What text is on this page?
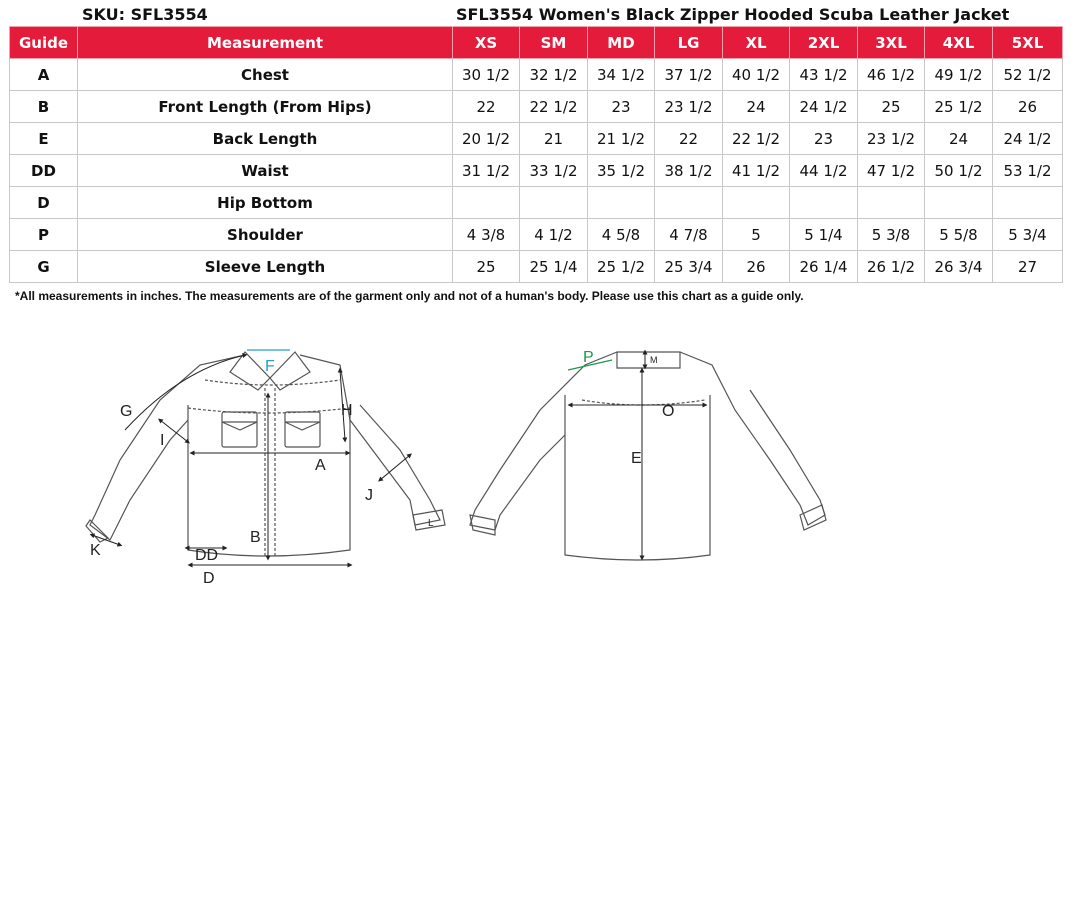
SKU: SFL3554	SFL3554 Women's Black Zipper Hooded Scuba Leather Jacket
Guide	Measurement	XS	SM	MD	LG	XL	2XL	3XL	4XL	5XL
A	Chest	30 1/2	32 1/2	34 1/2	37 1/2	40 1/2	43 1/2	46 1/2	49 1/2	52 1/2
B	Front Length (From Hips)	22	22 1/2	23	23 1/2	24	24 1/2	25	25 1/2	26
E	Back Length	20 1/2	21	21 1/2	22	22 1/2	23	23 1/2	24	24 1/2
DD	Waist	31 1/2	33 1/2	35 1/2	38 1/2	41 1/2	44 1/2	47 1/2	50 1/2	53 1/2
D	Hip Bottom									
P	Shoulder	4 3/8	4 1/2	4 5/8	4 7/8	5	5 1/4	5 3/8	5 5/8	5 3/4
G	Sleeve Length	25	25 1/4	25 1/2	25 3/4	26	26 1/4	26 1/2	26 3/4	27
*All measurements in inches. The measurements are of the garment only and not of a human's body. Please use this chart as a guide only.
F
G	H
I
A
J
K
L
B
DD
D
P	M
O
E
